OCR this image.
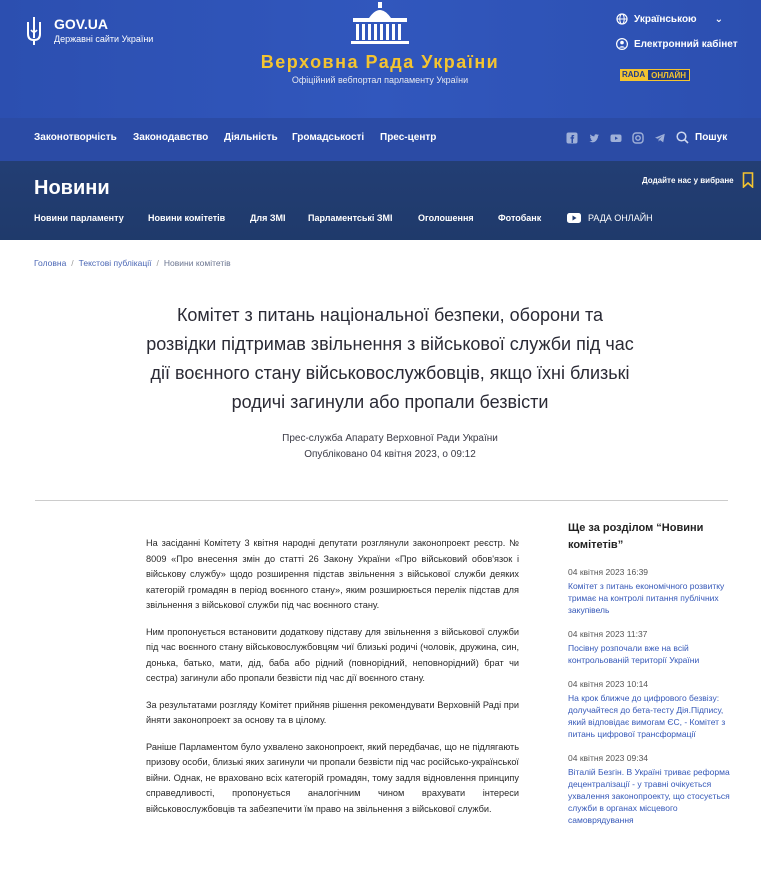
GOV.UA
Державні сайти України
Верховна Рада України
Офіційний вебпортал парламенту України
Українською ⌄
Електронний кабінет
RADA ОНЛАЙН
Законотворчість Законодавство Діяльність Громадськості Прес-центр	Пошук
Новини	Додайте нас у вибране
Новини парламенту	Новини комітетів	Для ЗМІ Парламентські ЗМІ	Оголошення	Фотобанк	РАДА ОНЛАЙН
Головна / Текстові публікації / Новини комітетів
Комітет з питань національної безпеки, оборони та розвідки підтримав звільнення з військової служби під час дії воєнного стану військовослужбовців, якщо їхні близькі родичі загинули або пропали безвісти
Прес-служба Апарату Верховної Ради України
Опубліковано 04 квітня 2023, о 09:12

На засіданні Комітету 3 квітня народні депутати розглянули законопроект реєстр. № 8009 «Про внесення змін до статті 26 Закону України «Про військовий обов'язок і військову службу» щодо розширення підстав звільнення з військової служби деяких категорій громадян в період воєнного стану», яким розширюється перелік підстав для звільнення з військової служби під час воєнного стану.

Ним пропонується встановити додаткову підставу для звільнення з військової служби під час воєнного стану військовослужбовцям чиї близькі родичі (чоловік, дружина, син, донька, батько, мати, дід, баба або рідний (повнорідний, неповнорідний) брат чи сестра) загинули або пропали безвісти під час дії воєнного стану.

За результатами розгляду Комітет прийняв рішення рекомендувати Верховній Раді при йняти законопроект за основу та в цілому.

Раніше Парламентом було ухвалено законопроект, який передбачає, що не підлягають призову особи, близькі яких загинули чи пропали безвісти під час російсько-української війни. Однак, не враховано всіх категорій громадян, тому задля відновлення принципу справедливості, пропонується аналогічним чином врахувати інтереси військовослужбовців та забезпечити їм право на звільнення з військової служби.

Ще за розділом “Новини комітетів”
04 квітня 2023 16:39
Комітет з питань економічного розвитку тримає на контролі питання публічних закупівель
04 квітня 2023 11:37
Посівну розпочали вже на всій контрольованій території України
04 квітня 2023 10:14
На крок ближче до цифрового безвізу: долучайтеся до бета-тесту Дія.Підпису, який відповідає вимогам ЄС, - Комітет з питань цифрової трансформації
04 квітня 2023 09:34
Віталій Безгін. В Україні триває реформа децентралізації - у травні очікується ухвалення законопроекту, що стосується служби в органах місцевого самоврядування
